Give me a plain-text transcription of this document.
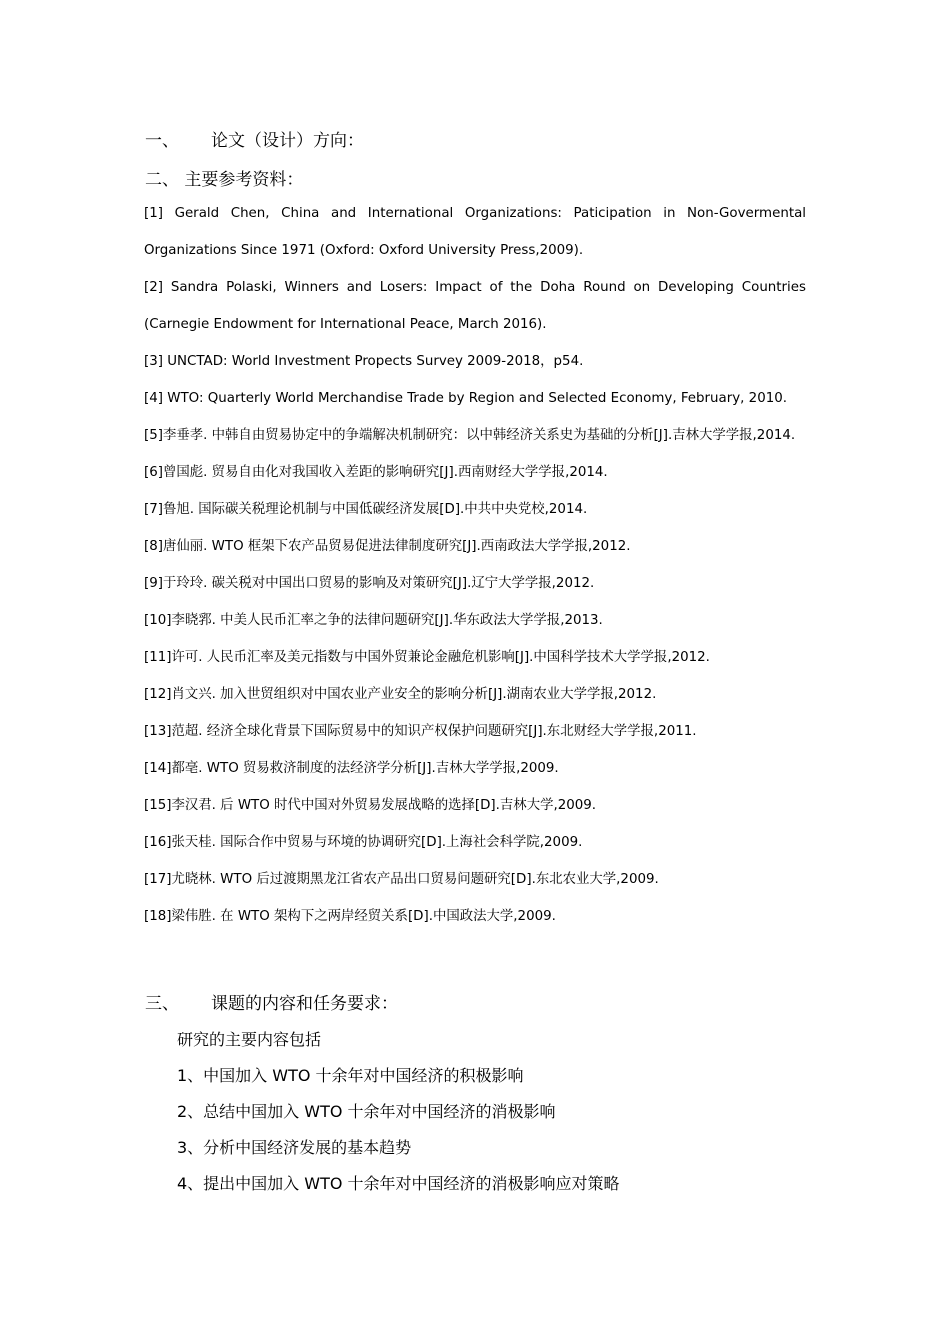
一、 论文（设计）方向：
二、 主要参考资料：
[1] Gerald Chen, China and International Organizations: Paticipation in Non-Govermental Organizations Since 1971 (Oxford: Oxford University Press,2009).
[2] Sandra Polaski, Winners and Losers: Impact of the Doha Round on Developing Countries (Carnegie Endowment for International Peace, March 2016).
[3] UNCTAD: World Investment Propects Survey 2009-2018，p54.
[4] WTO: Quarterly World Merchandise Trade by Region and Selected Economy, February, 2010.
[5]李垂孝. 中韩自由贸易协定中的争端解决机制研究：以中韩经济关系史为基础的分析[J].吉林大学学报,2014.
[6]曾国彪. 贸易自由化对我国收入差距的影响研究[J].西南财经大学学报,2014.
[7]鲁旭. 国际碳关税理论机制与中国低碳经济发展[D].中共中央党校,2014.
[8]唐仙丽. WTO 框架下农产品贸易促进法律制度研究[J].西南政法大学学报,2012.
[9]于玲玲. 碳关税对中国出口贸易的影响及对策研究[J].辽宁大学学报,2012.
[10]李晓郛. 中美人民币汇率之争的法律问题研究[J].华东政法大学学报,2013.
[11]许可. 人民币汇率及美元指数与中国外贸兼论金融危机影响[J].中国科学技术大学学报,2012.
[12]肖文兴. 加入世贸组织对中国农业产业安全的影响分析[J].湖南农业大学学报,2012.
[13]范超. 经济全球化背景下国际贸易中的知识产权保护问题研究[J].东北财经大学学报,2011.
[14]都亳. WTO 贸易救济制度的法经济学分析[J].吉林大学学报,2009.
[15]李汉君. 后 WTO 时代中国对外贸易发展战略的选择[D].吉林大学,2009.
[16]张天桂. 国际合作中贸易与环境的协调研究[D].上海社会科学院,2009.
[17]尤晓林. WTO 后过渡期黑龙江省农产品出口贸易问题研究[D].东北农业大学,2009.
[18]梁伟胜. 在 WTO 架构下之两岸经贸关系[D].中国政法大学,2009.
三、 课题的内容和任务要求：
研究的主要内容包括
1、中国加入 WTO 十余年对中国经济的积极影响
2、总结中国加入 WTO 十余年对中国经济的消极影响
3、分析中国经济发展的基本趋势
4、提出中国加入 WTO 十余年对中国经济的消极影响应对策略
